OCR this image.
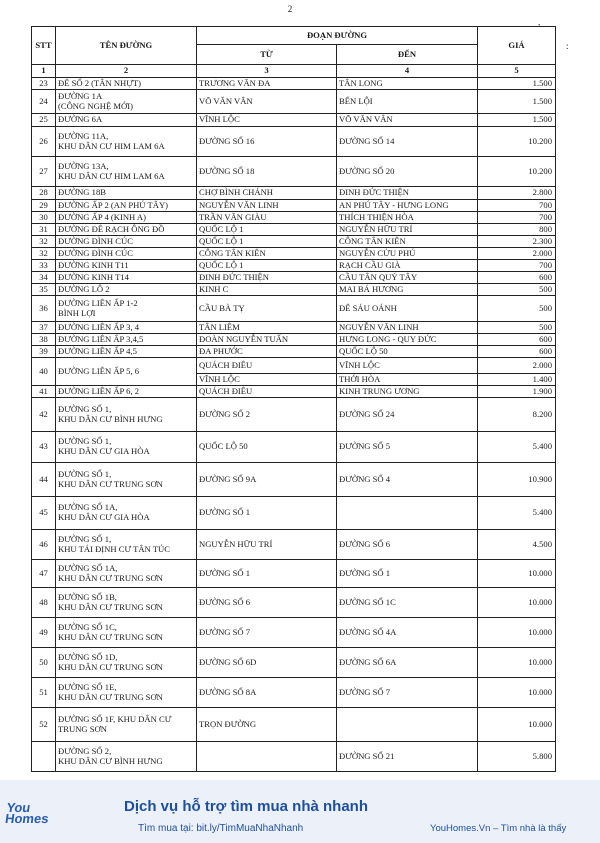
2
,
:
STT	TÊN ĐƯỜNG	ĐOẠN ĐƯỜNG		GIÁ
		TỪ	ĐẾN	
1	2	3	4	5
23	ĐÊ SỐ 2 (TÂN NHỰT)	TRƯƠNG VĂN ĐA	TÂN LONG	1.500
24	ĐƯỜNG 1A
(CÔNG NGHỆ MỚI)	VÕ VĂN VÂN	BẾN LỘI	1.500
25	ĐƯỜNG 6A	VĨNH LỘC	VÕ VĂN VÂN	1.500
26	ĐƯỜNG 11A,
KHU DÂN CƯ HIM LAM 6A	ĐƯỜNG SỐ 16	ĐƯỜNG SỐ 14	10.200
27	ĐƯỜNG 13A,
KHU DÂN CƯ HIM LAM 6A	ĐƯỜNG SỐ 18	ĐƯỜNG SỐ 20	10.200
28	ĐƯỜNG 18B	CHỢ BÌNH CHÁNH	ĐINH ĐỨC THIỆN	2.800
29	ĐƯỜNG ẤP 2 (AN PHÚ TÂY)	NGUYỄN VĂN LINH	AN PHÚ TÂY - HƯNG LONG	700
30	ĐƯỜNG ẤP 4 (KINH A)	TRẦN VĂN GIÀU	THÍCH THIỆN HÒA	700
31	ĐƯỜNG ĐÊ RẠCH ÔNG ĐỒ	QUỐC LỘ 1	NGUYỄN HỮU TRÍ	800
32	ĐƯỜNG ĐÌNH CÚC	QUỐC LỘ 1	CÔNG TÂN KIÊN	2.300
32	ĐƯỜNG ĐÌNH CÚC	CÔNG TÂN KIÊN	NGUYỄN CỬU PHÚ	2.000
33	ĐƯỜNG KINH T11	QUỐC LỘ 1	RẠCH CẦU GIÀ	700
34	ĐƯỜNG KINH T14	ĐINH ĐỨC THIỆN	CẦU TÂN QUÝ TÂY	600
35	ĐƯỜNG LÔ 2	KINH C	MAI BÁ HƯƠNG	500
36	ĐƯỜNG LIÊN ẤP 1-2
BÌNH LỢI	CẦU BÀ TỴ	ĐÊ SÁU OÁNH	500
37	ĐƯỜNG LIÊN ẤP 3, 4	TÂN LIÊM	NGUYỄN VĂN LINH	500
38	ĐƯỜNG LIÊN ẤP 3,4,5	ĐOÀN NGUYỄN TUẤN	HƯNG LONG - QUY ĐỨC	600
39	ĐƯỜNG LIÊN ẤP 4,5	ĐA PHƯỚC	QUỐC LỘ 50	600
40	ĐƯỜNG LIÊN ẤP 5, 6	QUÁCH ĐIÊU	VĨNH LỘC	2.000
		VĨNH LỘC	THỚI HÒA	1.400
41	ĐƯỜNG LIÊN ẤP 6, 2	QUÁCH ĐIÊU	KINH TRUNG ƯƠNG	1.900
42	ĐƯỜNG SỐ 1,
KHU DÂN CƯ BÌNH HƯNG	ĐƯỜNG SỐ 2	ĐƯỜNG SỐ 24	8.200
43	ĐƯỜNG SỐ 1,
KHU DÂN CƯ GIA HÒA	QUỐC LỘ 50	ĐƯỜNG SỐ 5	5.400
44	ĐƯỜNG SỐ 1,
KHU DÂN CƯ TRUNG SƠN	ĐƯỜNG SỐ 9A	ĐƯỜNG SỐ 4	10.900
45	ĐƯỜNG SỐ 1A,
KHU DÂN CƯ GIA HÒA	ĐƯỜNG SỐ 1		5.400
46	ĐƯỜNG SỐ 1,
KHU TÁI ĐỊNH CƯ TÂN TÚC	NGUYỄN HỮU TRÍ	ĐƯỜNG SỐ 6	4.500
47	ĐƯỜNG SỐ 1A,
KHU DÂN CƯ TRUNG SƠN	ĐƯỜNG SỐ 1	ĐƯỜNG SỐ 1	10.000
48	ĐƯỜNG SỐ 1B,
KHU DÂN CƯ TRUNG SƠN	ĐƯỜNG SỐ 6	ĐƯỜNG SỐ 1C	10.000
49	ĐƯỜNG SỐ 1C,
KHU DÂN CƯ TRUNG SƠN	ĐƯỜNG SỐ 7	ĐƯỜNG SỐ 4A	10.000
50	ĐƯỜNG SỐ 1D,
KHU DÂN CƯ TRUNG SƠN	ĐƯỜNG SỐ 6D	ĐƯỜNG SỐ 6A	10.000
51	ĐƯỜNG SỐ 1E,
KHU DÂN CƯ TRUNG SƠN	ĐƯỜNG SỐ 8A	ĐƯỜNG SỐ 7	10.000
52	ĐƯỜNG SỐ 1F, KHU DÂN CƯ
TRUNG SƠN	TRỌN ĐƯỜNG		10.000

	ĐƯỜNG SỐ 2,
KHU DÂN CƯ BÌNH HƯNG		ĐƯỜNG SỐ 21	5.800
You
Homes
Dịch vụ hỗ trợ tìm mua nhà nhanh
Tìm mua tại: bit.ly/TimMuaNhaNhanh	YouHomes.Vn – Tìm nhà là thấy
